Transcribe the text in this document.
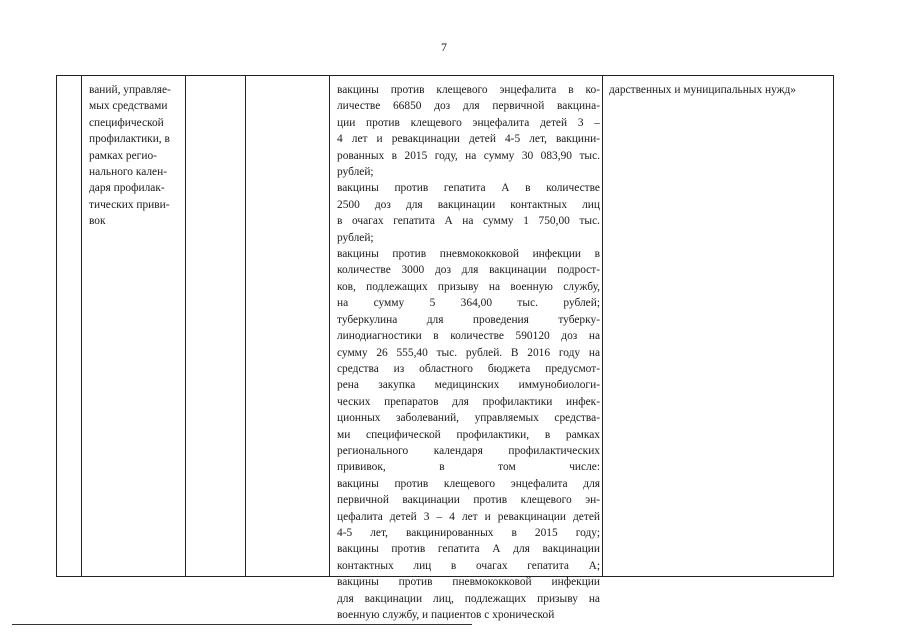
7
ваний, управляе-
мых средствами
специфической
профилактики, в
рамках регио-
нального кален-
даря профилак-
тических приви-
вок
вакцины против клещевого энцефалита в ко-
личестве 66850 доз для первичной вакцина-
ции против клещевого энцефалита детей 3 –
4 лет и ревакцинации детей 4-5 лет, вакцини-
рованных в 2015 году, на сумму 30 083,90 тыс.
рублей;
вакцины против гепатита А в количестве
2500 доз для вакцинации контактных лиц
в очагах гепатита А на сумму 1 750,00 тыс.
рублей;
вакцины против пневмококковой инфекции в
количестве 3000 доз для вакцинации подрост-
ков, подлежащих призыву на военную службу,
на сумму 5 364,00 тыс. рублей;
туберкулина для проведения туберку-
линодиагностики в количестве 590120 доз на
сумму 26 555,40 тыс. рублей. В 2016 году на
средства из областного бюджета предусмот-
рена закупка медицинских иммунобиологи-
ческих препаратов для профилактики инфек-
ционных заболеваний, управляемых средства-
ми специфической профилактики, в рамках
регионального календаря профилактических
прививок, в том числе:
вакцины против клещевого энцефалита для
первичной вакцинации против клещевого эн-
цефалита детей 3 – 4 лет и ревакцинации детей
4-5 лет, вакцинированных в 2015 году;
вакцины против гепатита А для вакцинации
контактных лиц в очагах гепатита А;
вакцины против пневмококковой инфекции
для вакцинации лиц, подлежащих призыву на
военную службу, и пациентов с хронической
дарственных и муниципальных нужд»
